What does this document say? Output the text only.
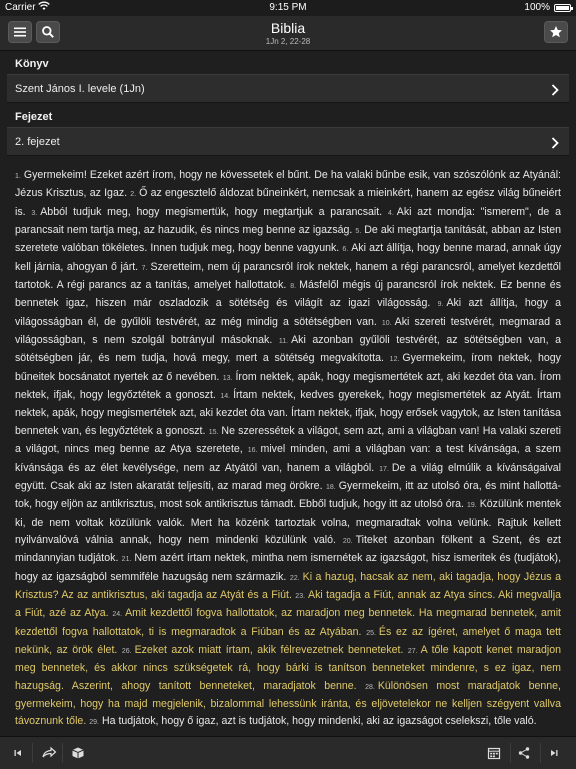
Carrier	9:15 PM	100%
Biblia
1Jn 2, 22-28
Könyv
Szent János I. levele (1Jn)
Fejezet
2. fejezet
1. Gyermekeim! Ezeket azért írom, hogy ne kövessetek el bűnt. De ha valaki bűnbe esik, van szószólónk az Atyánál: Jézus Krisztus, az Igaz. 2. Ő az engesztelő áldozat bűneinkért, nemcsak a mieinkért, hanem az egész világ bűneiért is. 3. Abból tudjuk meg, hogy megismertük, hogy megtartjuk a parancsait. 4. Aki azt mondja: "ismerem", de a parancsait nem tartja meg, az hazudik, és nincs meg benne az igazság. 5. De aki megtartja tanítását, abban az Isten szeretete valóban tökéletes. Innen tudjuk meg, hogy benne vagyunk. 6. Aki azt állítja, hogy benne marad, annak úgy kell járnia, ahogyan ő járt. 7. Szeretteim, nem új parancsról írok nektek, hanem a régi parancsról, amelyet kezdettől tartotok. A régi parancs az a tanítás, amelyet hallottatok. 8. Másfelől mégis új parancsról írok nektek. Ez benne és bennetek igaz, hiszen már oszladozik a sötétség és világít az igazi világosság. 9. Aki azt állítja, hogy a világosságban él, de gyűlöli testvérét, az még mindig a sötétségben van. 10. Aki szereti testvérét, megmarad a világosságban, s nem szolgál botrányul másoknak. 11. Aki azonban gyűlöli testvérét, az sötétségben van, a sötétségben jár, és nem tudja, hová megy, mert a sötétség megvakította. 12. Gyermekeim, írom nektek, hogy bűneitek bocsánatot nyertek az ő nevében. 13. Írom nektek, apák, hogy megismertétek azt, aki kezdet óta van. Írom nektek, ifjak, hogy legyőztétek a gonoszt. 14. Írtam nektek, kedves gyerekek, hogy megismertétek az Atyát. Írtam nektek, apák, hogy megismertétek azt, aki kezdet óta van. Írtam nektek, ifjak, hogy erősek vagytok, az Isten tanítása bennetek van, és legyőztétek a gonoszt. 15. Ne szeressétek a világot, sem azt, ami a világban van! Ha valaki szereti a világot, nincs meg benne az Atya szeretete, 16. mivel minden, ami a világban van: a test kívánsága, a szem kívánsága és az élet kevélysége, nem az Atyától van, hanem a világból. 17. De a világ elmúlik a kívánságaival együtt. Csak aki az Isten akaratát teljesíti, az marad meg örökre. 18. Gyermekeim, itt az utolsó óra, és mint hallottátok, hogy eljön az antikrisztus, most sok antikrisztus támadt. Ebből tudjuk, hogy itt az utolsó óra. 19. Közülünk mentek ki, de nem voltak közülünk valók. Mert ha közénk tartoztak volna, megmaradtak volna velünk. Rajtuk kellett nyilvánvalóvá válnia annak, hogy nem mindenki közülünk való. 20. Titeket azonban fölkent a Szent, és ezt mindannyian tudjátok. 21. Nem azért írtam nektek, mintha nem ismernétek az igazságot, hisz ismeritek és (tudjátok), hogy az igazságból semmiféle hazugság nem származik. 22. Ki a hazug, hacsak az nem, aki tagadja, hogy Jézus a Krisztus? Az az antikrisztus, aki tagadja az Atyát és a Fiút. 23. Aki tagadja a Fiút, annak az Atya sincs. Aki megvallja a Fiút, azé az Atya. 24. Amit kezdettől fogva hallottatok, az maradjon meg bennetek. Ha megmarad bennetek, amit kezdettől fogva hallottatok, ti is megmaradtok a Fiúban és az Atyában. 25. És ez az ígéret, amelyet ő maga tett nekünk, az örök élet. 26. Ezeket azok miatt írtam, akik félrevezetnek benneteket. 27. A tőle kapott kenet maradjon meg bennetek, és akkor nincs szükségetek rá, hogy bárki is tanítson benneteket mindenre, s ez igaz, nem hazugság. Aszerint, ahogy tanított benneteket, maradjatok benne. 28. Különösen most maradjatok benne, gyermekeim, hogy ha majd megjelenik, bizalommal lehessünk iránta, és eljövetelekor ne kelljen szégyent vallva távoznunk tőle. 29. Ha tudjátok, hogy ő igaz, azt is tudjátok, hogy mindenki, aki az igazságot cselekszi, tőle való.
